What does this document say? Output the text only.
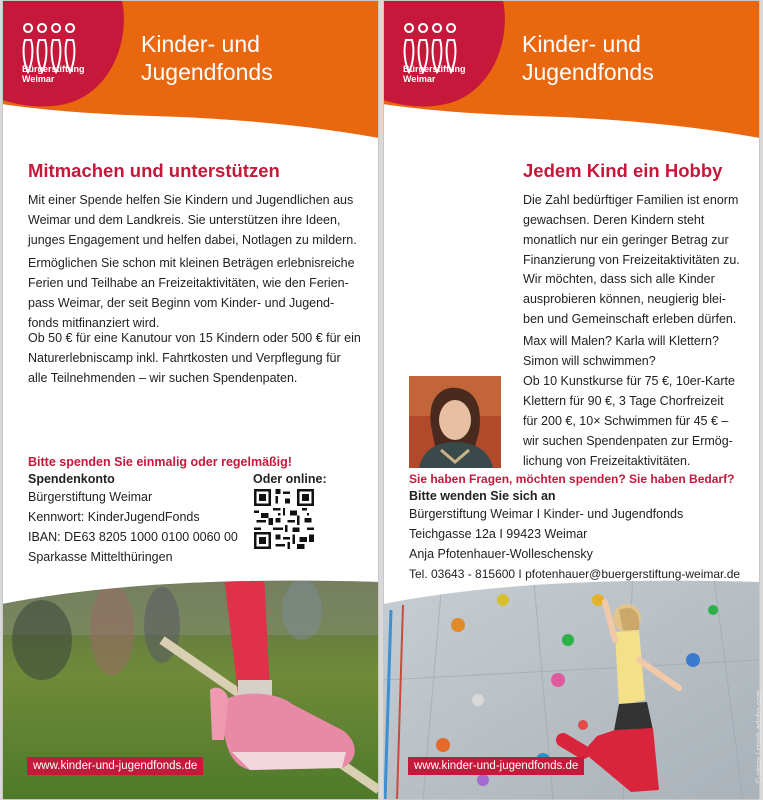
Bürgerstiftung
Weimar
Kinder- und
Jugendfonds
Mitmachen und unterstützen
Mit einer Spende helfen Sie Kindern und Jugendlichen aus
Weimar und dem Landkreis. Sie unterstützen ihre Ideen,
junges Engagement und helfen dabei, Notlagen zu mildern.
Ermöglichen Sie schon mit kleinen Beträgen erlebnisreiche
Ferien und Teilhabe an Freizeitaktivitäten, wie den Ferien-
pass Weimar, der seit Beginn vom Kinder- und Jugend-
fonds mitfinanziert wird.
Ob 50 € für eine Kanutour von 15 Kindern oder 500 € für ein
Naturerlebniscamp inkl. Fahrtkosten und Verpflegung für
alle Teilnehmenden – wir suchen Spendenpaten.
Bitte spenden Sie einmalig oder regelmäßig!
Spendenkonto
Bürgerstiftung Weimar
Kennwort: KinderJugendFonds
IBAN: DE63 8205 1000 0100 0060 00
Sparkasse Mittelthüringen
Oder online:
www.kinder-und-jugendfonds.de
Bürgerstiftung
Weimar
Kinder- und
Jugendfonds
Jedem Kind ein Hobby
Die Zahl bedürftiger Familien ist enorm
gewachsen. Deren Kindern steht
monatlich nur ein geringer Betrag zur
Finanzierung von Freizeitaktivitäten zu.
Wir möchten, dass sich alle Kinder
ausprobieren können, neugierig blei-
ben und Gemeinschaft erleben dürfen.
Max will Malen? Karla will Klettern?
Simon will schwimmen?
Ob 10 Kunstkurse für 75 €, 10er-Karte
Klettern für 90 €, 3 Tage Chorfreizeit
für 200 €, 10× Schwimmen für 45 € –
wir suchen Spendenpaten zur Ermög-
lichung von Freizeitaktivitäten.
Sie haben Fragen, möchten spenden? Sie haben Bedarf?
Bitte wenden Sie sich an
Bürgerstiftung Weimar I Kinder- und Jugendfonds
Teichgasse 12a I 99423 Weimar
Anja Pfotenhauer-Wolleschensky
Tel. 03643 - 815600 I pfotenhauer@buergerstiftung-weimar.de
www.kinder-und-jugendfonds.de	© oksix / stock.adobe.com
